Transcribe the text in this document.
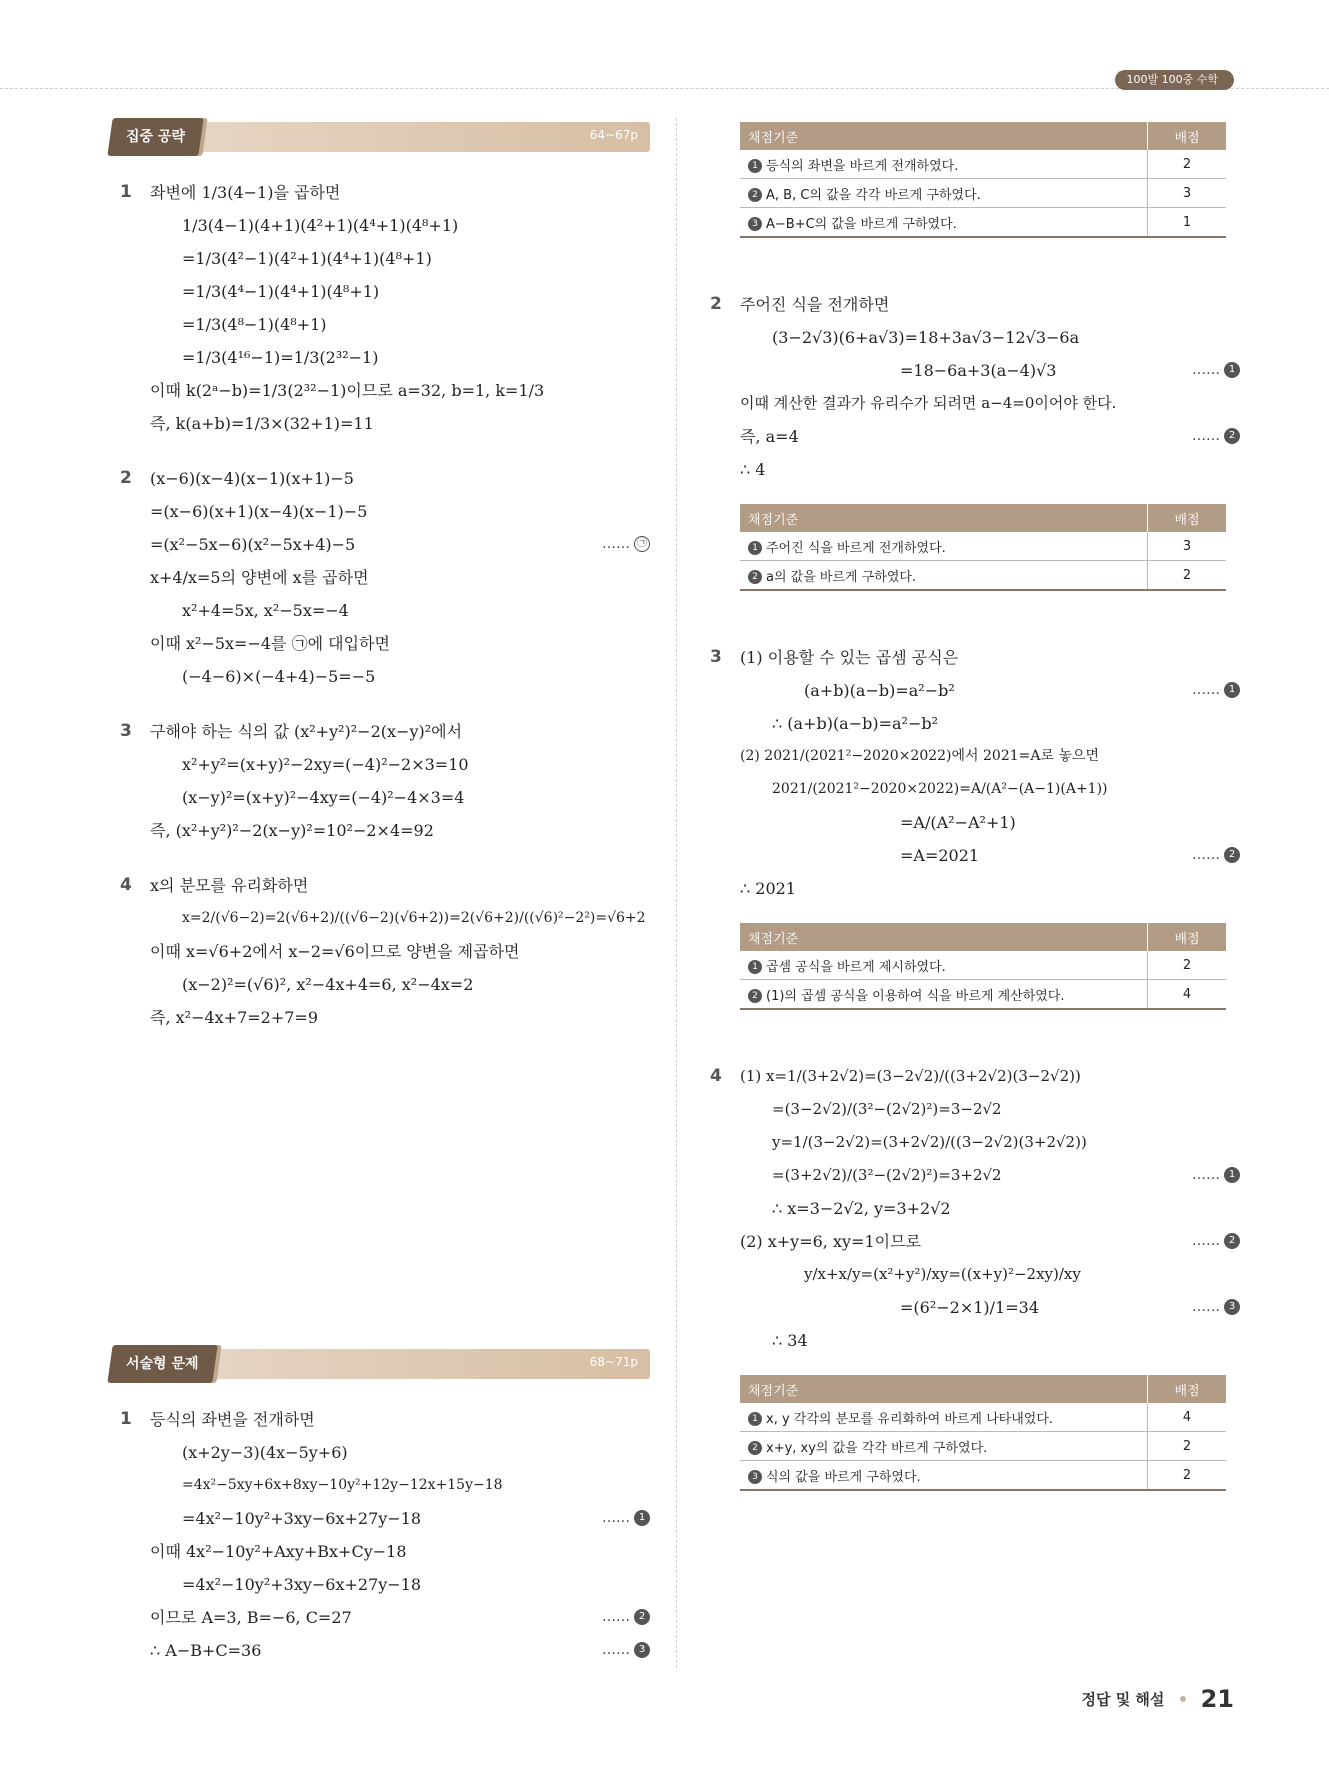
100발 100중 수학
집중 공략	64~67p
1 좌변에 1/3(4−1)을 곱하면
1/3(4−1)(4+1)(4²+1)(4⁴+1)(4⁸+1)
=1/3(4²−1)(4²+1)(4⁴+1)(4⁸+1)
=1/3(4⁴−1)(4⁴+1)(4⁸+1)
=1/3(4⁸−1)(4⁸+1)
=1/3(4¹⁶−1)=1/3(2³²−1)
이때 k(2ᵃ−b)=1/3(2³²−1)이므로 a=32, b=1, k=1/3
즉, k(a+b)=1/3×(32+1)=11
2 (x−6)(x−4)(x−1)(x+1)−5
=(x−6)(x+1)(x−4)(x−1)−5
=(x²−5x−6)(x²−5x+4)−5	…… ㉠
x+4/x=5의 양변에 x를 곱하면
x²+4=5x, x²−5x=−4
이때 x²−5x=−4를 ㉠에 대입하면
(−4−6)×(−4+4)−5=−5
3 구해야 하는 식의 값 (x²+y²)²−2(x−y)²에서
x²+y²=(x+y)²−2xy=(−4)²−2×3=10
(x−y)²=(x+y)²−4xy=(−4)²−4×3=4
즉, (x²+y²)²−2(x−y)²=10²−2×4=92
4 x의 분모를 유리화하면
x=2/(√6−2)=2(√6+2)/((√6−2)(√6+2))=2(√6+2)/((√6)²−2²)=√6+2
이때 x=√6+2에서 x−2=√6이므로 양변을 제곱하면
(x−2)²=(√6)², x²−4x+4=6, x²−4x=2
즉, x²−4x+7=2+7=9
서술형 문제	68~71p
1 등식의 좌변을 전개하면
(x+2y−3)(4x−5y+6)
=4x²−5xy+6x+8xy−10y²+12y−12x+15y−18
=4x²−10y²+3xy−6x+27y−18	…… 1
이때 4x²−10y²+Axy+Bx+Cy−18
=4x²−10y²+3xy−6x+27y−18
이므로 A=3, B=−6, C=27	…… 2
∴ A−B+C=36	…… 3
채점기준	배점
1 등식의 좌변을 바르게 전개하였다.	2
2 A, B, C의 값을 각각 바르게 구하였다.	3
3 A−B+C의 값을 바르게 구하였다.	1
2 주어진 식을 전개하면
(3−2√3)(6+a√3)=18+3a√3−12√3−6a
=18−6a+3(a−4)√3	…… 1
이때 계산한 결과가 유리수가 되려면 a−4=0이어야 한다.
즉, a=4	…… 2
∴ 4
채점기준	배점
1 주어진 식을 바르게 전개하였다.	3
2 a의 값을 바르게 구하였다.	2
3 (1) 이용할 수 있는 곱셈 공식은
(a+b)(a−b)=a²−b²	…… 1
∴ (a+b)(a−b)=a²−b²
(2) 2021/(2021²−2020×2022)에서 2021=A로 놓으면
2021/(2021²−2020×2022)=A/(A²−(A−1)(A+1))
=A/(A²−A²+1)
=A=2021	…… 2
∴ 2021
채점기준	배점
1 곱셈 공식을 바르게 제시하였다.	2
2 (1)의 곱셈 공식을 이용하여 식을 바르게 계산하였다.	4
4 (1) x=1/(3+2√2)=(3−2√2)/((3+2√2)(3−2√2))
=(3−2√2)/(3²−(2√2)²)=3−2√2
y=1/(3−2√2)=(3+2√2)/((3−2√2)(3+2√2))
=(3+2√2)/(3²−(2√2)²)=3+2√2	…… 1
∴ x=3−2√2, y=3+2√2
(2) x+y=6, xy=1이므로	…… 2
y/x+x/y=(x²+y²)/xy=((x+y)²−2xy)/xy
=(6²−2×1)/1=34	…… 3
∴ 34
채점기준	배점
1 x, y 각각의 분모를 유리화하여 바르게 나타내었다.	4
2 x+y, xy의 값을 각각 바르게 구하였다.	2
3 식의 값을 바르게 구하였다.	2
정답 및 해설 21
